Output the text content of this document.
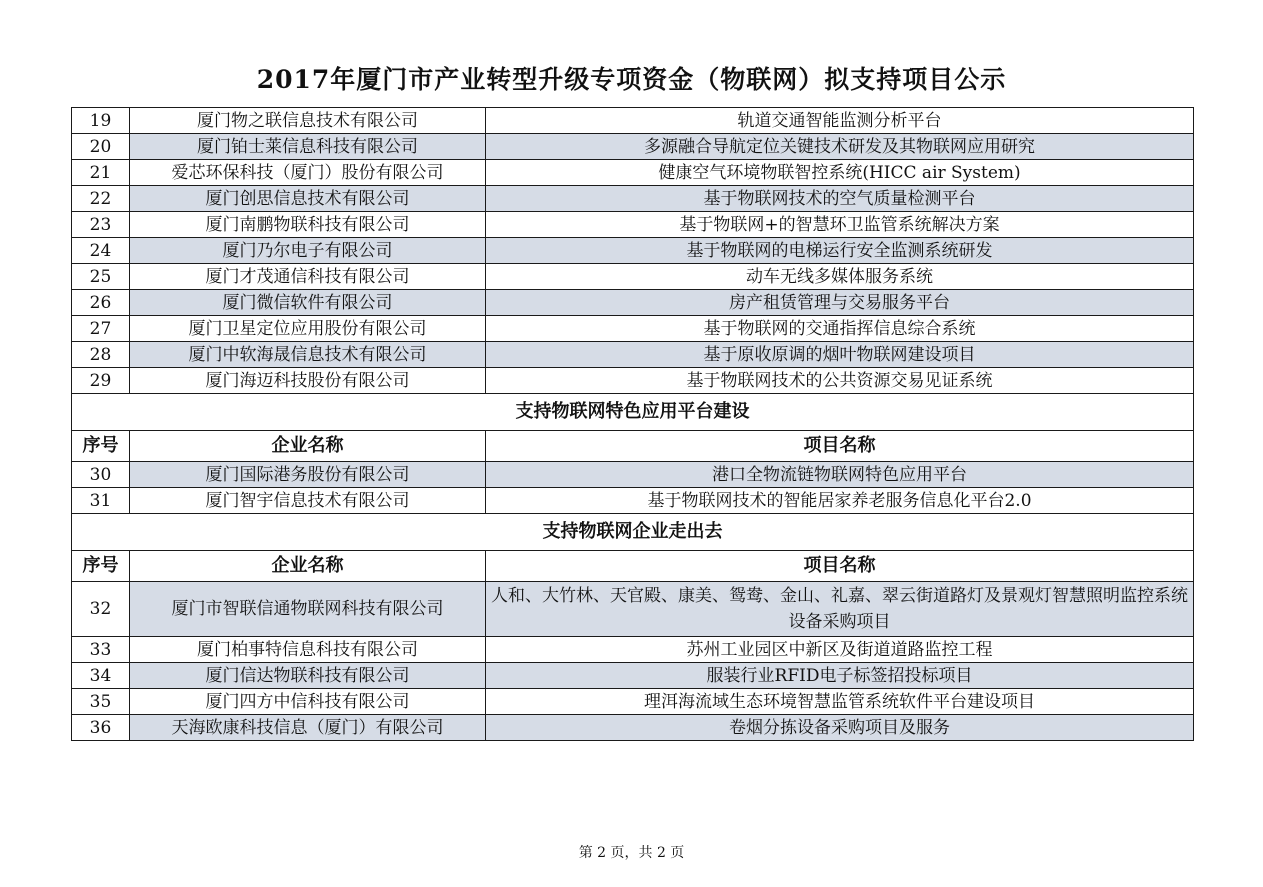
2017年厦门市产业转型升级专项资金（物联网）拟支持项目公示
19	厦门物之联信息技术有限公司	轨道交通智能监测分析平台
20	厦门铂士莱信息科技有限公司	多源融合导航定位关键技术研发及其物联网应用研究
21	爱芯环保科技（厦门）股份有限公司	健康空气环境物联智控系统(HICC air System)
22	厦门创思信息技术有限公司	基于物联网技术的空气质量检测平台
23	厦门南鹏物联科技有限公司	基于物联网+的智慧环卫监管系统解决方案
24	厦门乃尔电子有限公司	基于物联网的电梯运行安全监测系统研发
25	厦门才茂通信科技有限公司	动车无线多媒体服务系统
26	厦门微信软件有限公司	房产租赁管理与交易服务平台
27	厦门卫星定位应用股份有限公司	基于物联网的交通指挥信息综合系统
28	厦门中软海晟信息技术有限公司	基于原收原调的烟叶物联网建设项目
29	厦门海迈科技股份有限公司	基于物联网技术的公共资源交易见证系统
支持物联网特色应用平台建设		
序号	企业名称	项目名称
30	厦门国际港务股份有限公司	港口全物流链物联网特色应用平台
31	厦门智宇信息技术有限公司	基于物联网技术的智能居家养老服务信息化平台2.0
支持物联网企业走出去		
序号	企业名称	项目名称
32	厦门市智联信通物联网科技有限公司	人和、大竹林、天官殿、康美、鸳鸯、金山、礼嘉、翠云街道路灯及景观灯智慧照明监控系统设备采购项目
33	厦门柏事特信息科技有限公司	苏州工业园区中新区及街道道路监控工程
34	厦门信达物联科技有限公司	服装行业RFID电子标签招投标项目
35	厦门四方中信科技有限公司	理洱海流域生态环境智慧监管系统软件平台建设项目
36	天海欧康科技信息（厦门）有限公司	卷烟分拣设备采购项目及服务
第 2 页，共 2 页
